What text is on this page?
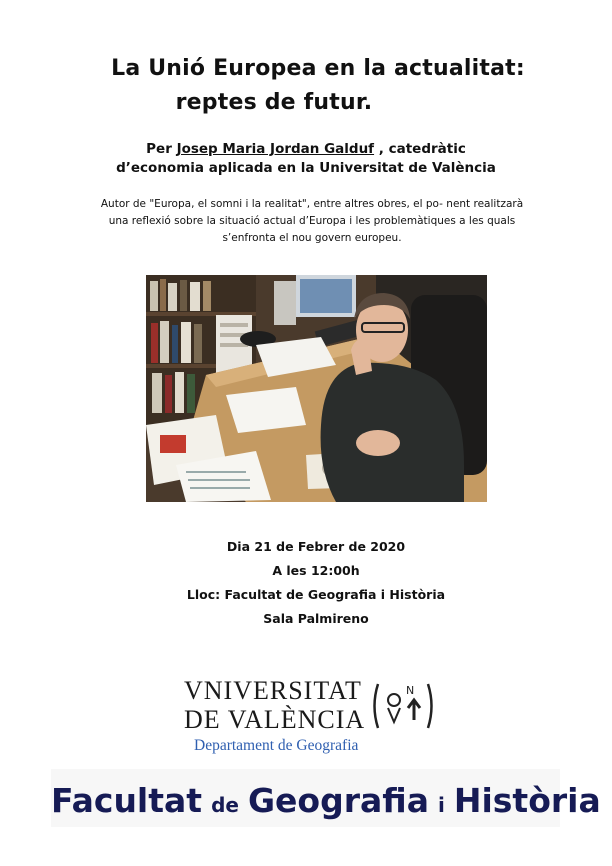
La Unió Europea en la actualitat:
reptes de futur.
Per Josep Maria Jordan Galduf , catedràtic
d’economia aplicada en la Universitat de València
Autor de "Europa, el somni i la realitat", entre altres obres, el po- nent realitzarà una reflexió sobre la situació actual d’Europa i les problemàtiques a les quals s’enfronta el nou govern europeu.
Dia 21 de Febrer de 2020
A les 12:00h
Lloc: Facultat de Geografia i Història
Sala Palmireno
VNIVERSITAT
DE VALÈNCIA
N
Departament de Geografia
Facultat de Geografia i Història
